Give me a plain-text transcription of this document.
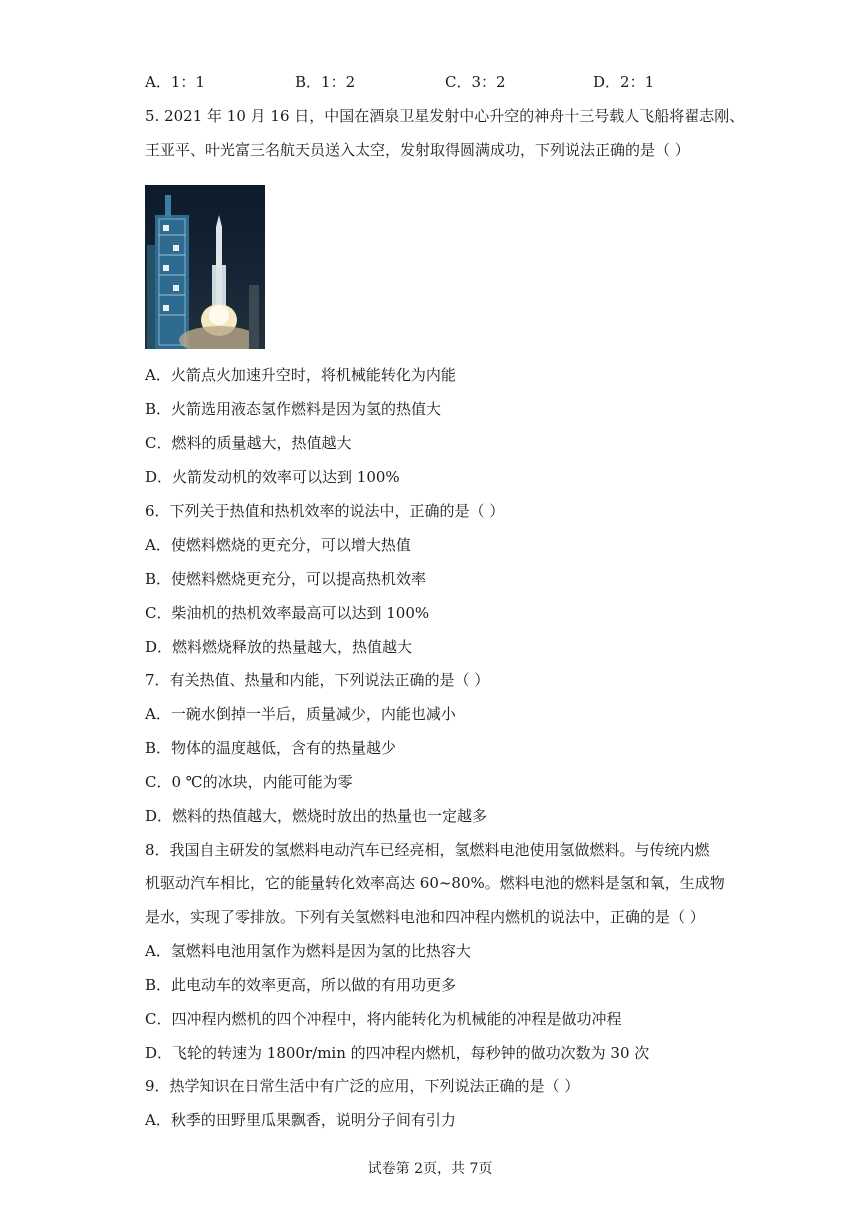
A．1：1	B．1：2	C．3：2	D．2：1
5. 2021 年 10 月 16 日，中国在酒泉卫星发射中心升空的神舟十三号载人飞船将翟志刚、
王亚平、叶光富三名航天员送入太空，发射取得圆满成功，下列说法正确的是（ ）
A．火箭点火加速升空时，将机械能转化为内能
B．火箭选用液态氢作燃料是因为氢的热值大
C．燃料的质量越大，热值越大
D．火箭发动机的效率可以达到 100%
6．下列关于热值和热机效率的说法中，正确的是（ ）
A．使燃料燃烧的更充分，可以增大热值
B．使燃料燃烧更充分，可以提高热机效率
C．柴油机的热机效率最高可以达到 100%
D．燃料燃烧释放的热量越大，热值越大
7．有关热值、热量和内能，下列说法正确的是（ ）
A．一碗水倒掉一半后，质量减少，内能也减小
B．物体的温度越低，含有的热量越少
C．0 ℃的冰块，内能可能为零
D．燃料的热值越大，燃烧时放出的热量也一定越多
8．我国自主研发的氢燃料电动汽车已经亮相，氢燃料电池使用氢做燃料。与传统内燃
机驱动汽车相比，它的能量转化效率高达 60~80%。燃料电池的燃料是氢和氧，生成物
是水，实现了零排放。下列有关氢燃料电池和四冲程内燃机的说法中，正确的是（ ）
A．氢燃料电池用氢作为燃料是因为氢的比热容大
B．此电动车的效率更高，所以做的有用功更多
C．四冲程内燃机的四个冲程中，将内能转化为机械能的冲程是做功冲程
D．飞轮的转速为 1800r/min 的四冲程内燃机，每秒钟的做功次数为 30 次
9．热学知识在日常生活中有广泛的应用，下列说法正确的是（ ）
A．秋季的田野里瓜果飘香，说明分子间有引力
试卷第 2页，共 7页
